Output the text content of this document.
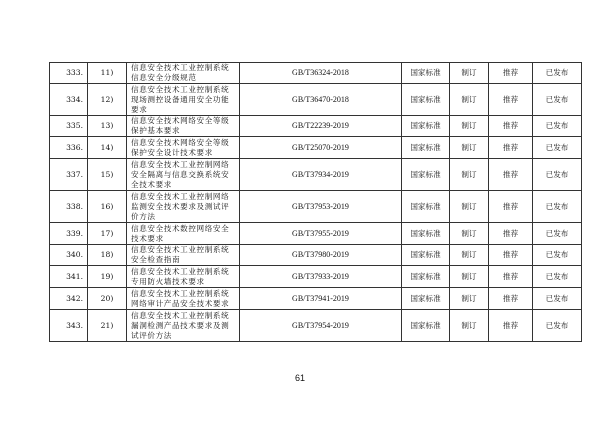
333.	11)	信息安全技术工业控制系统
信息安全分级规范	GB/T36324-2018	国家标准	制订	推荐	已发布
334.	12)	信息安全技术工业控制系统
现场测控设备通用安全功能
要求	GB/T36470-2018	国家标准	制订	推荐	已发布
335.	13)	信息安全技术网络安全等级
保护基本要求	GB/T22239-2019	国家标准	制订	推荐	已发布
336.	14)	信息安全技术网络安全等级
保护安全设计技术要求	GB/T25070-2019	国家标准	制订	推荐	已发布
337.	15)	信息安全技术工业控制网络
安全隔离与信息交换系统安
全技术要求	GB/T37934-2019	国家标准	制订	推荐	已发布
338.	16)	信息安全技术工业控制网络
监测安全技术要求及测试评
价方法	GB/T37953-2019	国家标准	制订	推荐	已发布
339.	17)	信息安全技术数控网络安全
技术要求	GB/T37955-2019	国家标准	制订	推荐	已发布
340.	18)	信息安全技术工业控制系统
安全检查指南	GB/T37980-2019	国家标准	制订	推荐	已发布
341.	19)	信息安全技术工业控制系统
专用防火墙技术要求	GB/T37933-2019	国家标准	制订	推荐	已发布
342.	20)	信息安全技术工业控制系统
网络审计产品安全技术要求	GB/T37941-2019	国家标准	制订	推荐	已发布
343.	21)	信息安全技术工业控制系统
漏洞检测产品技术要求及测
试评价方法	GB/T37954-2019	国家标准	制订	推荐	已发布
61
